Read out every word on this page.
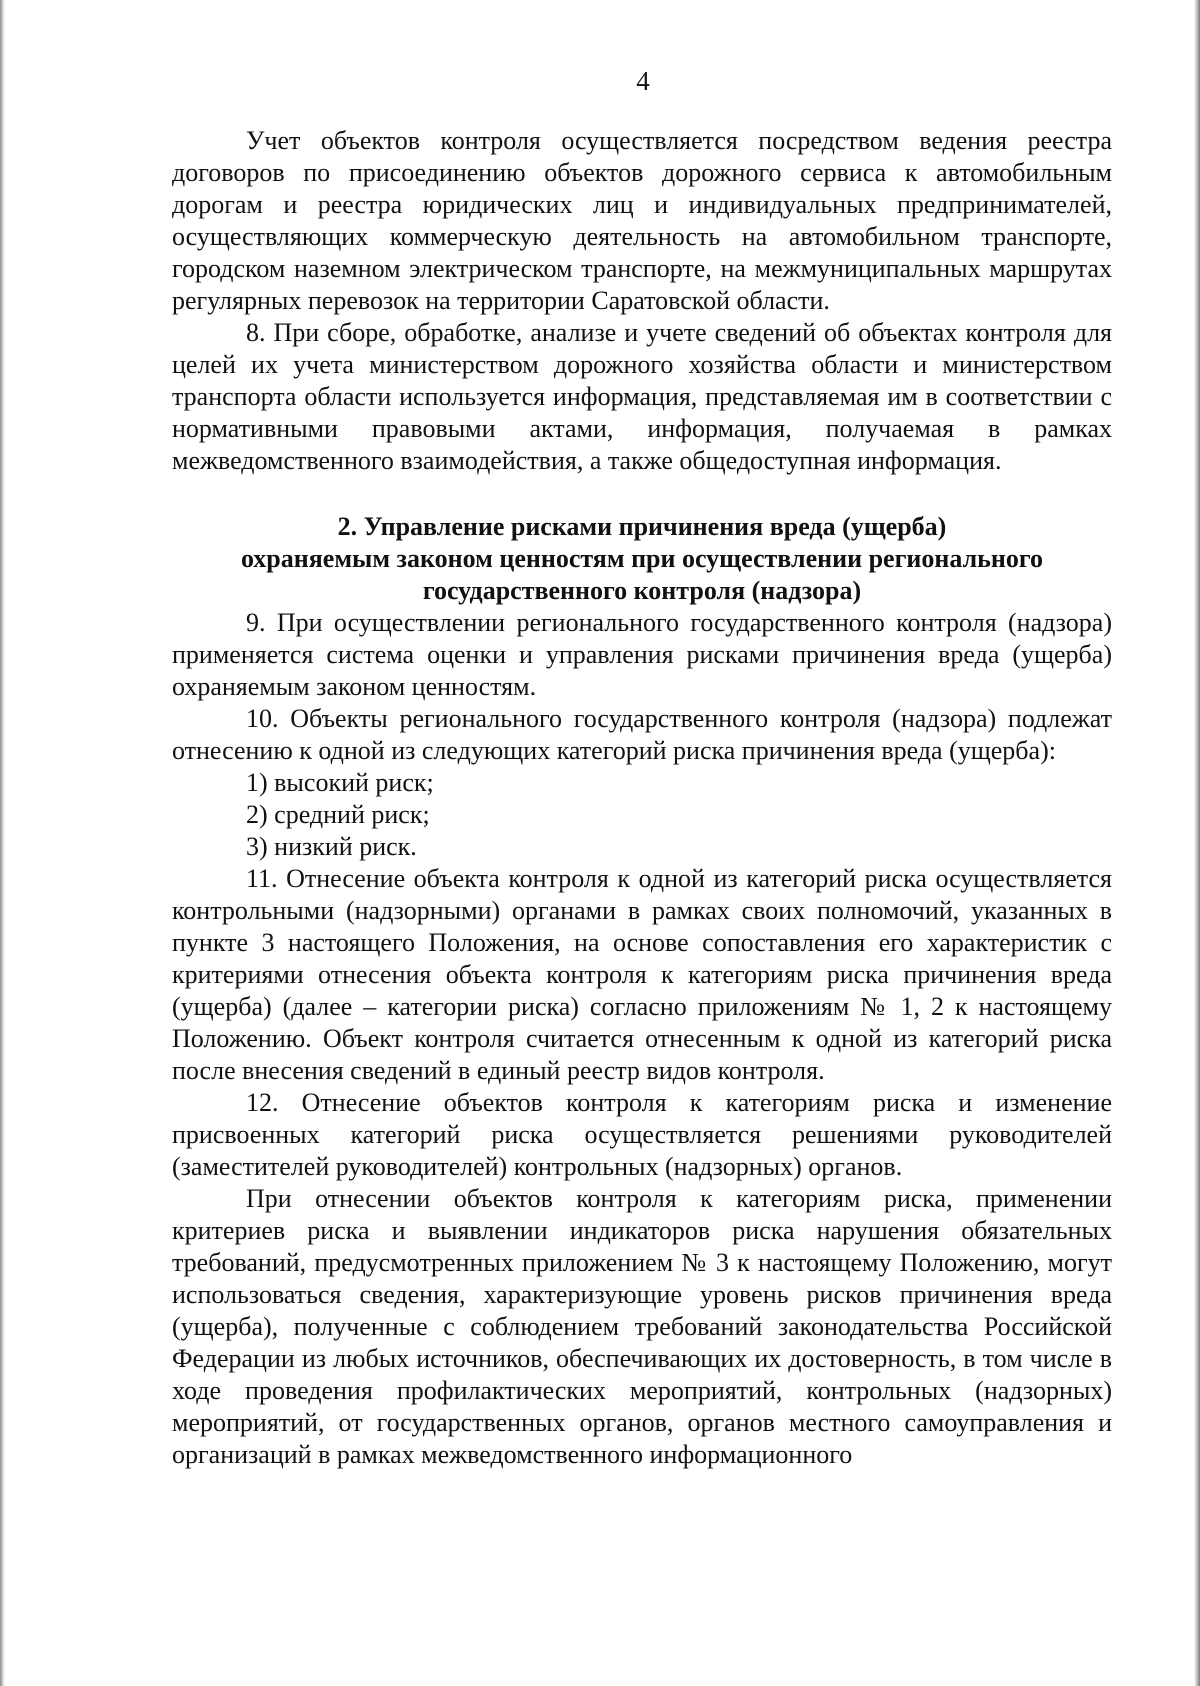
4

Учет объектов контроля осуществляется посредством ведения реестра договоров по присоединению объектов дорожного сервиса к автомобильным дорогам и реестра юридических лиц и индивидуальных предпринимателей, осуществляющих коммерческую деятельность на автомобильном транспорте, городском наземном электрическом транспорте, на межмуниципальных маршрутах регулярных перевозок на территории Саратовской области.

8. При сборе, обработке, анализе и учете сведений об объектах контроля для целей их учета министерством дорожного хозяйства области и министерством транспорта области используется информация, представляемая им в соответствии с нормативными правовыми актами, информация, получаемая в рамках межведомственного взаимодействия, а также общедоступная информация.

2. Управление рисками причинения вреда (ущерба)
охраняемым законом ценностям при осуществлении регионального
государственного контроля (надзора)

9. При осуществлении регионального государственного контроля (надзора) применяется система оценки и управления рисками причинения вреда (ущерба) охраняемым законом ценностям.

10. Объекты регионального государственного контроля (надзора) подлежат отнесению к одной из следующих категорий риска причинения вреда (ущерба):

1) высокий риск;

2) средний риск;

3) низкий риск.

11. Отнесение объекта контроля к одной из категорий риска осуществляется контрольными (надзорными) органами в рамках своих полномочий, указанных в пункте 3 настоящего Положения, на основе сопоставления его характеристик с критериями отнесения объекта контроля к категориям риска причинения вреда (ущерба) (далее – категории риска) согласно приложениям № 1, 2 к настоящему Положению. Объект контроля считается отнесенным к одной из категорий риска после внесения сведений в единый реестр видов контроля.

12. Отнесение объектов контроля к категориям риска и изменение присвоенных категорий риска осуществляется решениями руководителей (заместителей руководителей) контрольных (надзорных) органов.

При отнесении объектов контроля к категориям риска, применении критериев риска и выявлении индикаторов риска нарушения обязательных требований, предусмотренных приложением № 3 к настоящему Положению, могут использоваться сведения, характеризующие уровень рисков причинения вреда (ущерба), полученные с соблюдением требований законодательства Российской Федерации из любых источников, обеспечивающих их достоверность, в том числе в ходе проведения профилактических мероприятий, контрольных (надзорных) мероприятий, от государственных органов, органов местного самоуправления и организаций в рамках межведомственного информационного
